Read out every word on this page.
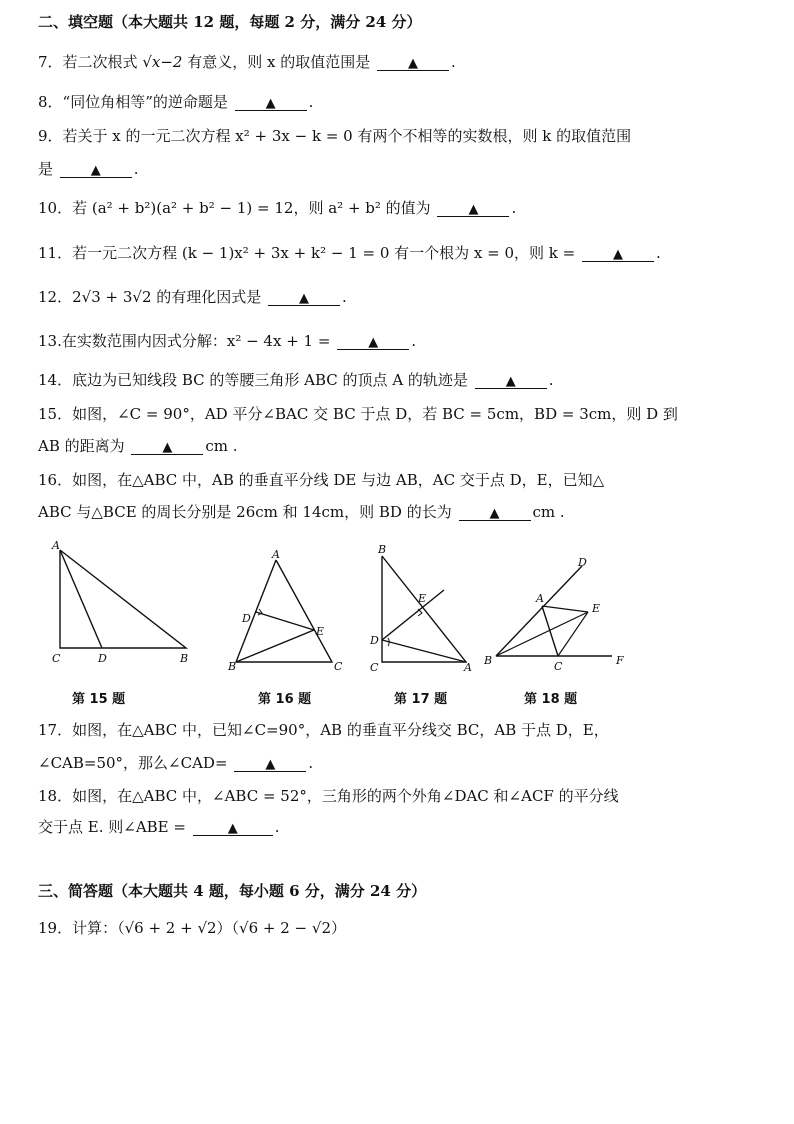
二、填空题（本大题共 12 题，每题 2 分，满分 24 分）
7．若二次根式 √x−2 有意义，则 x 的取值范围是	▲ .
8．“同位角相等”的逆命题是	▲ .
9．若关于 x 的一元二次方程 x² + 3x − k = 0 有两个不相等的实数根，则 k 的取值范围
是	▲ .
10．若 (a² + b²)(a² + b² − 1) = 12，则 a² + b² 的值为	▲ .
11．若一元二次方程 (k − 1)x² + 3x + k² − 1 = 0 有一个根为 x = 0，则 k =	▲ .
12．2√3 + 3√2 的有理化因式是	▲ .
13.在实数范围内因式分解：x² − 4x + 1 =	▲ .
14．底边为已知线段 BC 的等腰三角形 ABC 的顶点 A 的轨迹是	▲ .
15．如图，∠C = 90°，AD 平分∠BAC 交 BC 于点 D，若 BC = 5cm，BD = 3cm，则 D 到
AB 的距离为	▲ cm .
16．如图，在△ABC 中，AB 的垂直平分线 DE 与边 AB，AC 交于点 D，E，已知△
ABC 与△BCE 的周长分别是 26cm 和 14cm，则 BD 的长为	▲ cm .
A
C	D	B
A
D
E
B	C
B
E
D
C	A
D
A
E
B	C	F
第 15 题	第 16 题	第 17 题	第 18 题
17．如图，在△ABC 中，已知∠C=90°，AB 的垂直平分线交 BC，AB 于点 D，E，
∠CAB=50°，那么∠CAD=	▲ .
18．如图，在△ABC 中，∠ABC = 52°，三角形的两个外角∠DAC 和∠ACF 的平分线
交于点 E. 则∠ABE =	▲ .
三、简答题（本大题共 4 题，每小题 6 分，满分 24 分）
19．计算：（√6 + 2 + √2）（√6 + 2 − √2）
